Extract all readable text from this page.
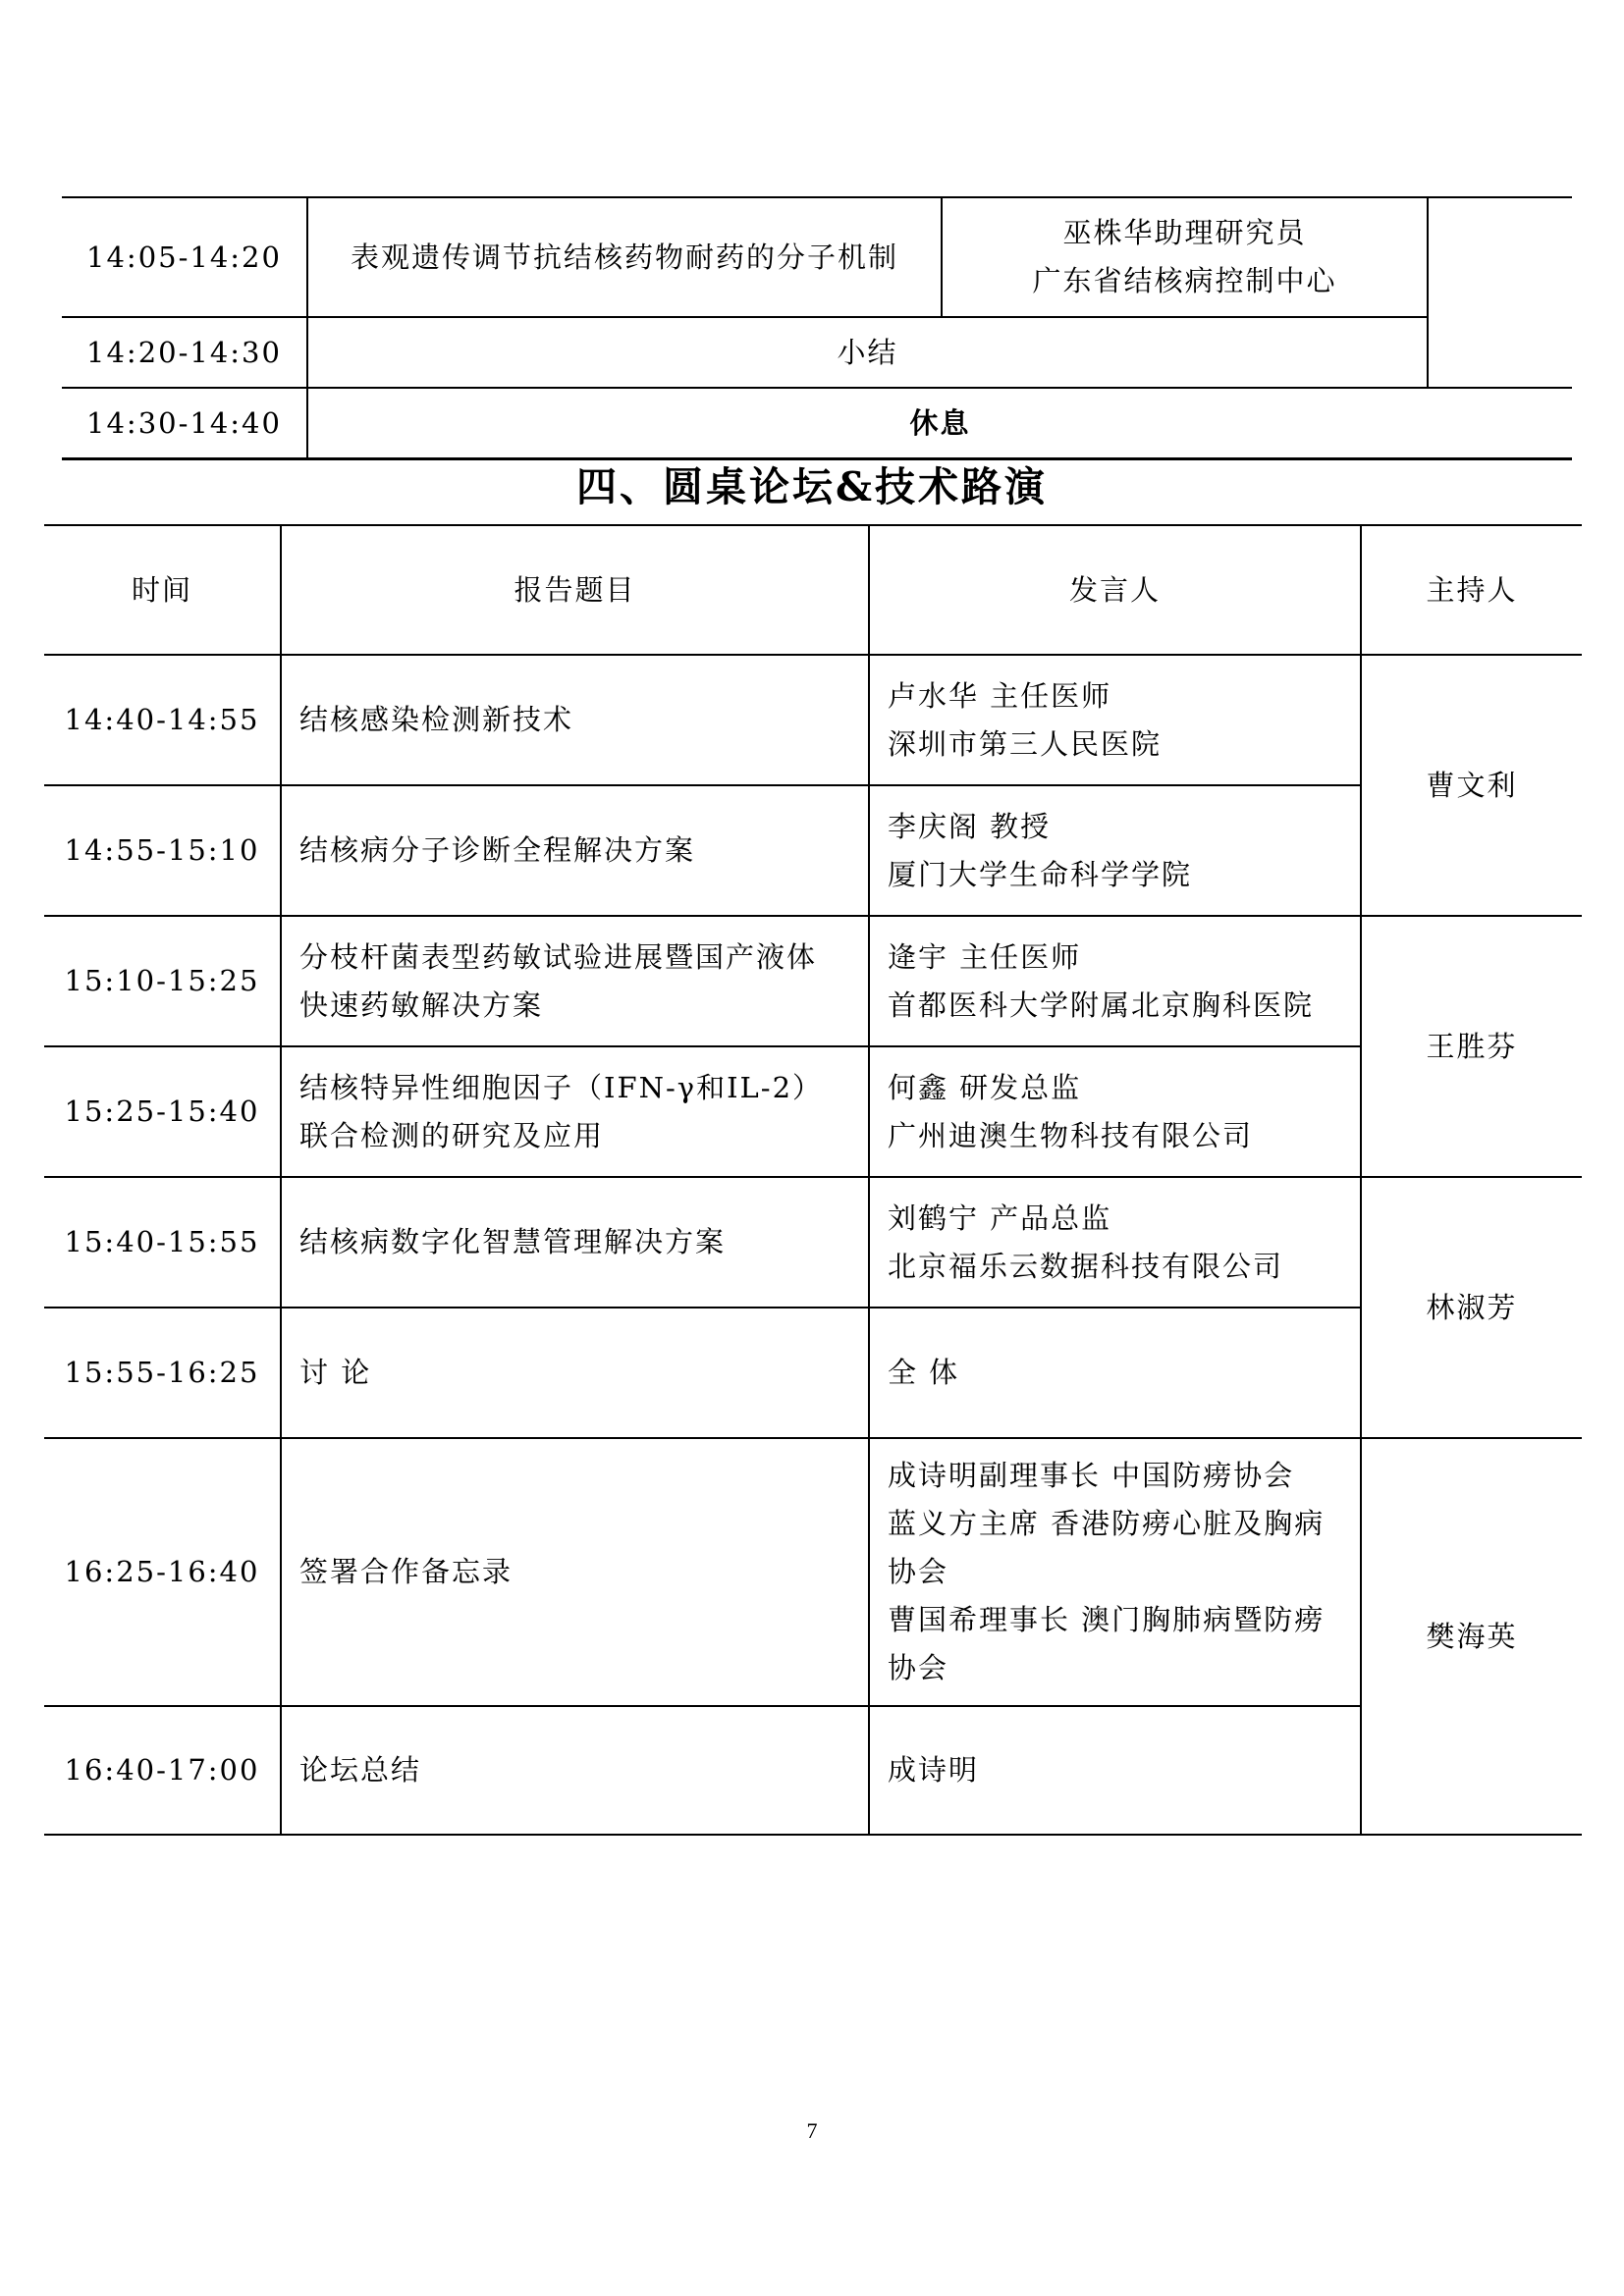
14:05-14:20	表观遗传调节抗结核药物耐药的分子机制	巫株华助理研究员
广东省结核病控制中心	

14:20-14:30	小结		
14:30-14:40	休息		
四、圆桌论坛&技术路演
时间	报告题目	发言人	主持人
14:40-14:55	结核感染检测新技术	卢水华 主任医师
深圳市第三人民医院	曹文利
14:55-15:10	结核病分子诊断全程解决方案	李庆阁 教授
厦门大学生命科学学院	

15:10-15:25	分枝杆菌表型药敏试验进展暨国产液体快速药敏解决方案	逄宇 主任医师
首都医科大学附属北京胸科医院	王胜芬
15:25-15:40	结核特异性细胞因子（IFN-γ和IL-2）联合检测的研究及应用	何鑫 研发总监
广州迪澳生物科技有限公司	

15:40-15:55	结核病数字化智慧管理解决方案	刘鹤宁 产品总监
北京福乐云数据科技有限公司	林淑芳
15:55-16:25	讨 论	全 体	

16:25-16:40	签署合作备忘录	成诗明副理事长 中国防痨协会
蓝义方主席 香港防痨心脏及胸病协会
曹国希理事长 澳门胸肺病暨防痨协会	樊海英
16:40-17:00	论坛总结	成诗明	
7
